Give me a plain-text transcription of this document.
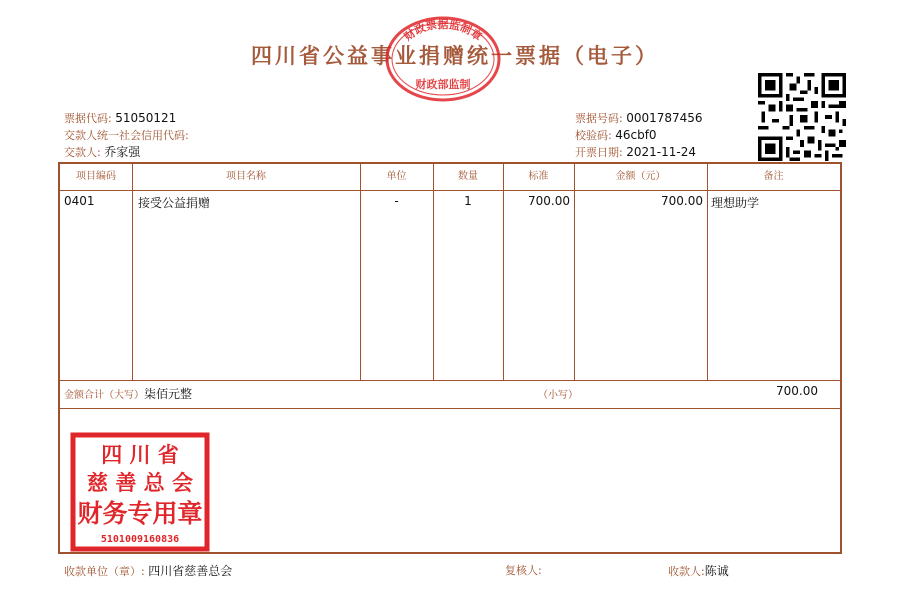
四川省公益事业捐赠统一票据（电子）
财政票据监制章
财政部监制
票据代码: 51050121
交款人统一社会信用代码:
交款人: 乔家强
票据号码: 0001787456
校验码: 46cbf0
开票日期: 2021-11-24
项目编码	项目名称	单位	数量	标准	金额（元）	备注
0401	接受公益捐赠	-	1	700.00	700.00 理想助学
金额合计（大写）柒佰元整	（小写）	700.00
四 川 省
慈 善 总 会
财务专用章
5101009160836
收款单位（章）: 四川省慈善总会	复核人:	收款人:陈诚
